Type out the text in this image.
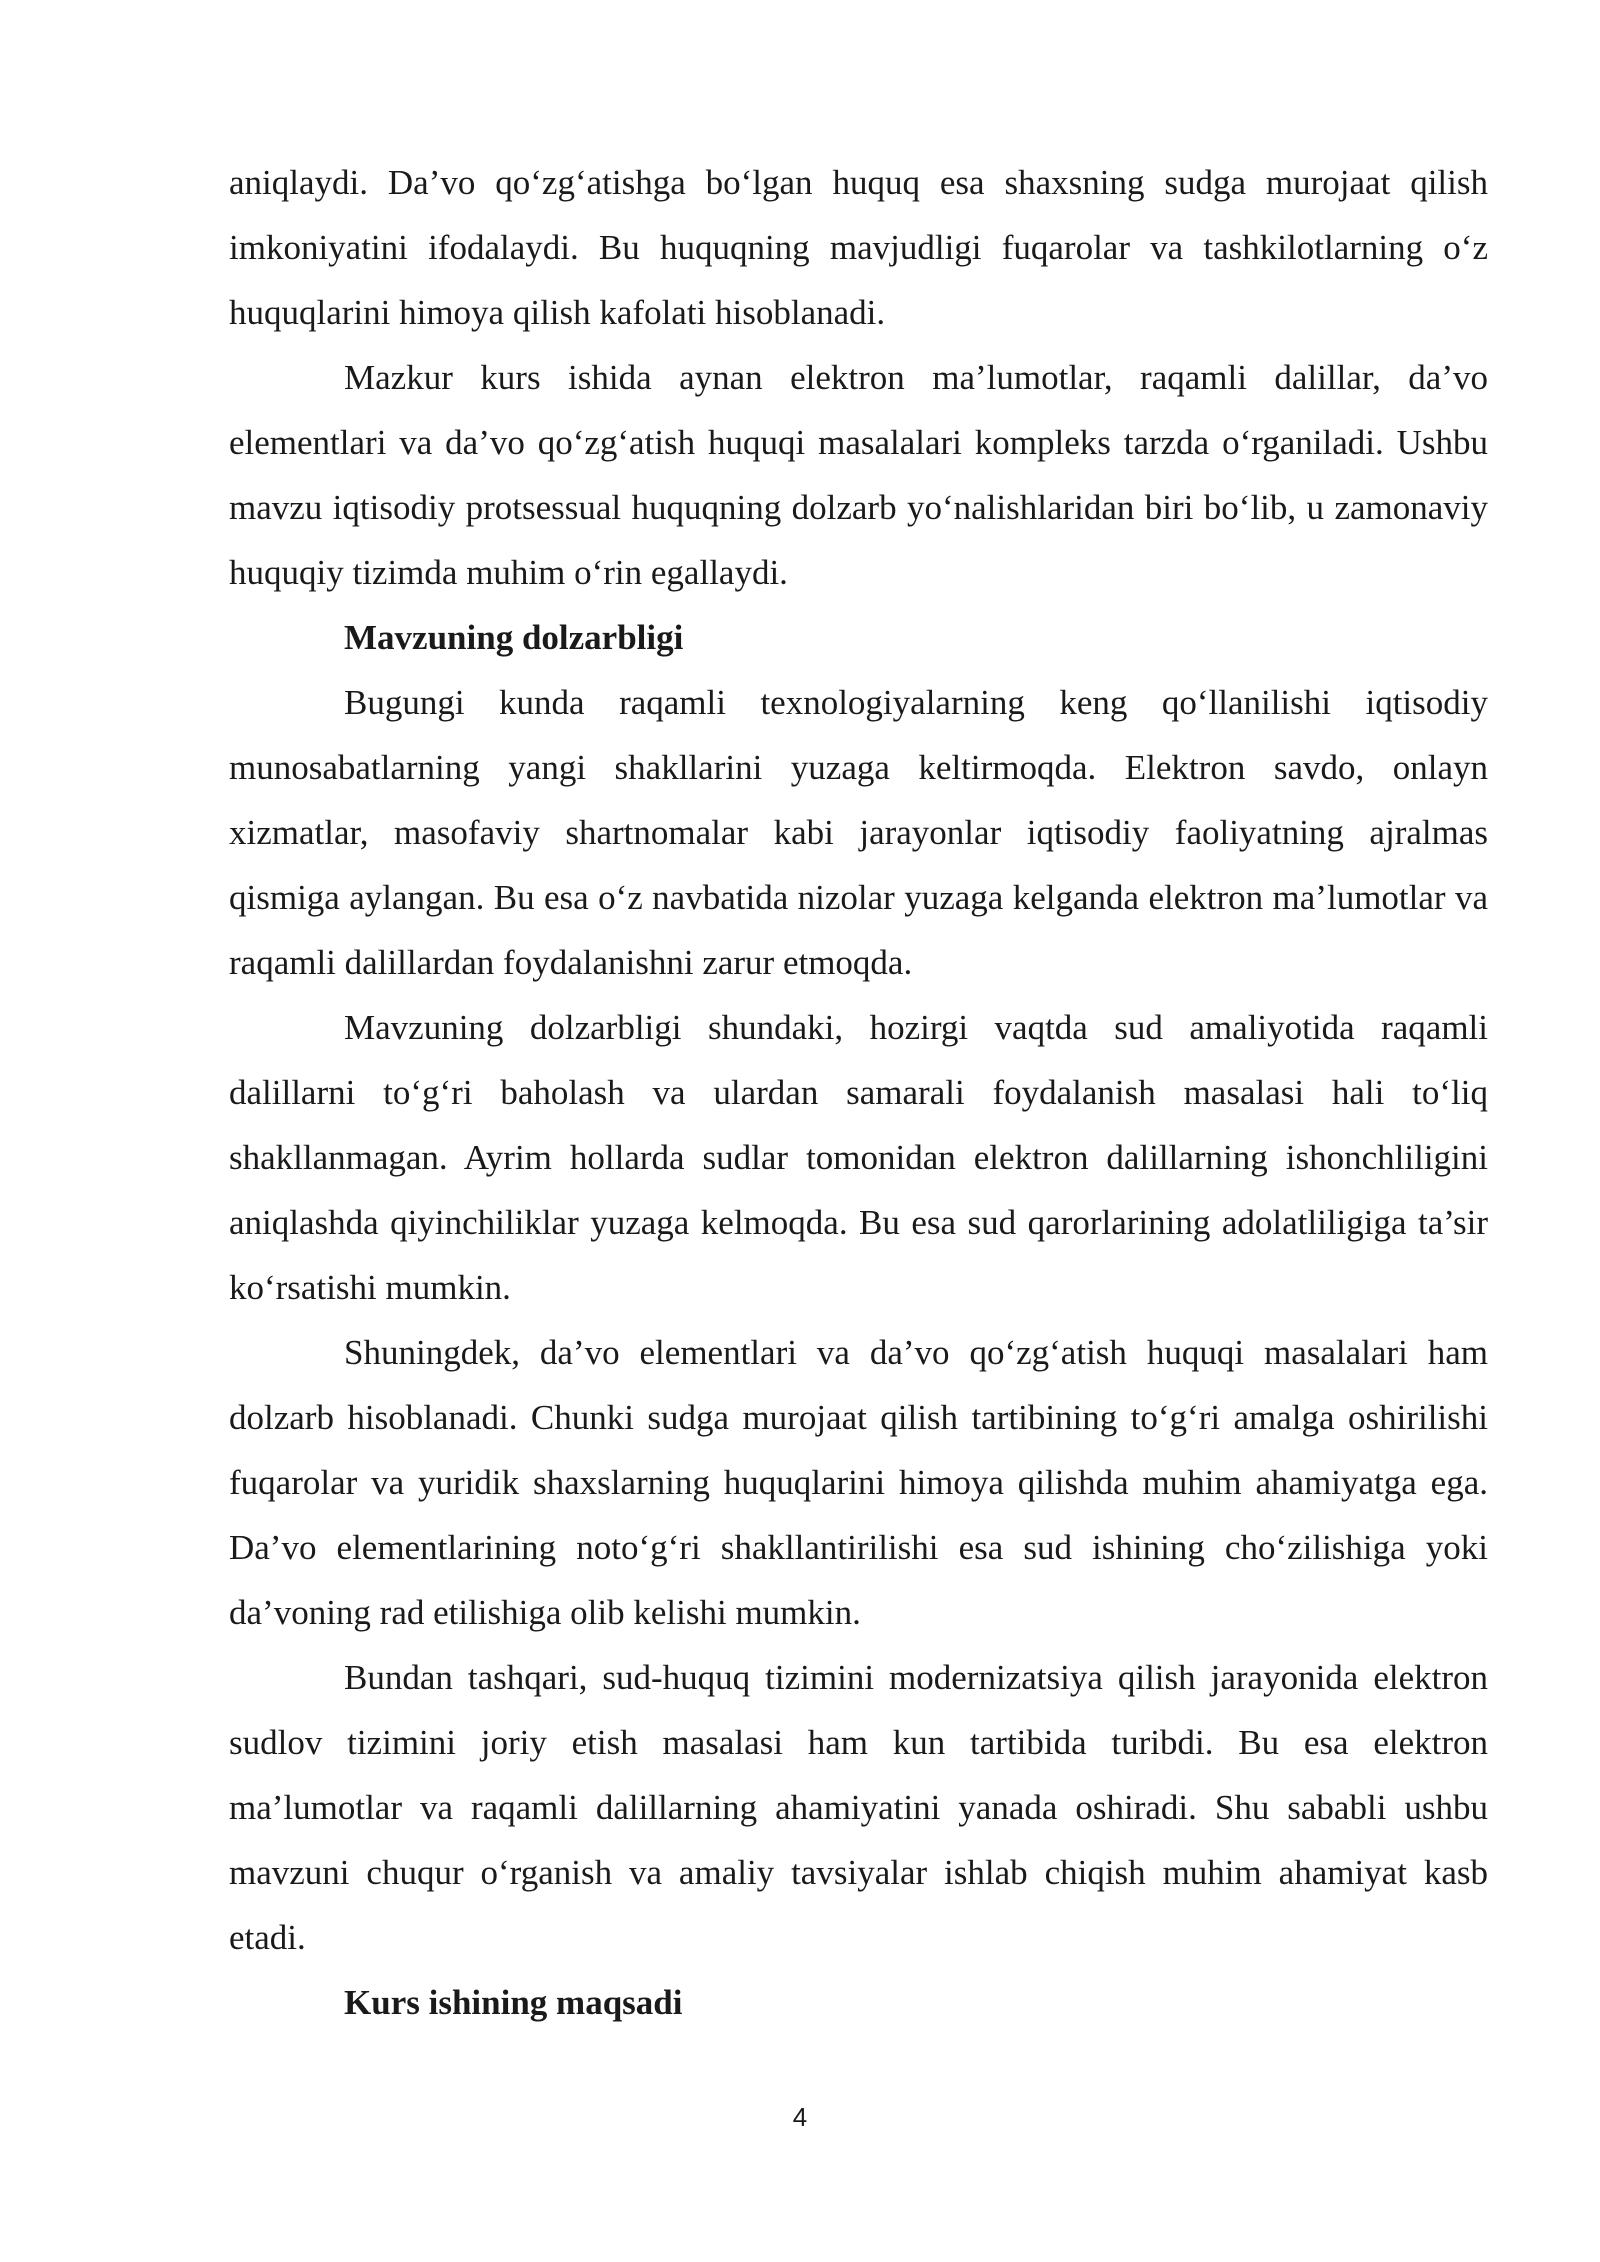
aniqlaydi. Da’vo qo‘zg‘atishga bo‘lgan huquq esa shaxsning sudga murojaat qilish imkoniyatini ifodalaydi. Bu huquqning mavjudligi fuqarolar va tashkilotlarning o‘z huquqlarini himoya qilish kafolati hisoblanadi.

Mazkur kurs ishida aynan elektron ma’lumotlar, raqamli dalillar, da’vo elementlari va da’vo qo‘zg‘atish huquqi masalalari kompleks tarzda o‘rganiladi. Ushbu mavzu iqtisodiy protsessual huquqning dolzarb yo‘nalishlaridan biri bo‘lib, u zamonaviy huquqiy tizimda muhim o‘rin egallaydi.

Mavzuning dolzarbligi

Bugungi kunda raqamli texnologiyalarning keng qo‘llanilishi iqtisodiy munosabatlarning yangi shakllarini yuzaga keltirmoqda. Elektron savdo, onlayn xizmatlar, masofaviy shartnomalar kabi jarayonlar iqtisodiy faoliyatning ajralmas qismiga aylangan. Bu esa o‘z navbatida nizolar yuzaga kelganda elektron ma’lumotlar va raqamli dalillardan foydalanishni zarur etmoqda.

Mavzuning dolzarbligi shundaki, hozirgi vaqtda sud amaliyotida raqamli dalillarni to‘g‘ri baholash va ulardan samarali foydalanish masalasi hali to‘liq shakllanmagan. Ayrim hollarda sudlar tomonidan elektron dalillarning ishonchliligini aniqlashda qiyinchiliklar yuzaga kelmoqda. Bu esa sud qarorlarining adolatliligiga ta’sir ko‘rsatishi mumkin.

Shuningdek, da’vo elementlari va da’vo qo‘zg‘atish huquqi masalalari ham dolzarb hisoblanadi. Chunki sudga murojaat qilish tartibining to‘g‘ri amalga oshirilishi fuqarolar va yuridik shaxslarning huquqlarini himoya qilishda muhim ahamiyatga ega. Da’vo elementlarining noto‘g‘ri shakllantirilishi esa sud ishining cho‘zilishiga yoki da’voning rad etilishiga olib kelishi mumkin.

Bundan tashqari, sud-huquq tizimini modernizatsiya qilish jarayonida elektron sudlov tizimini joriy etish masalasi ham kun tartibida turibdi. Bu esa elektron ma’lumotlar va raqamli dalillarning ahamiyatini yanada oshiradi. Shu sababli ushbu mavzuni chuqur o‘rganish va amaliy tavsiyalar ishlab chiqish muhim ahamiyat kasb etadi.

Kurs ishining maqsadi

4
